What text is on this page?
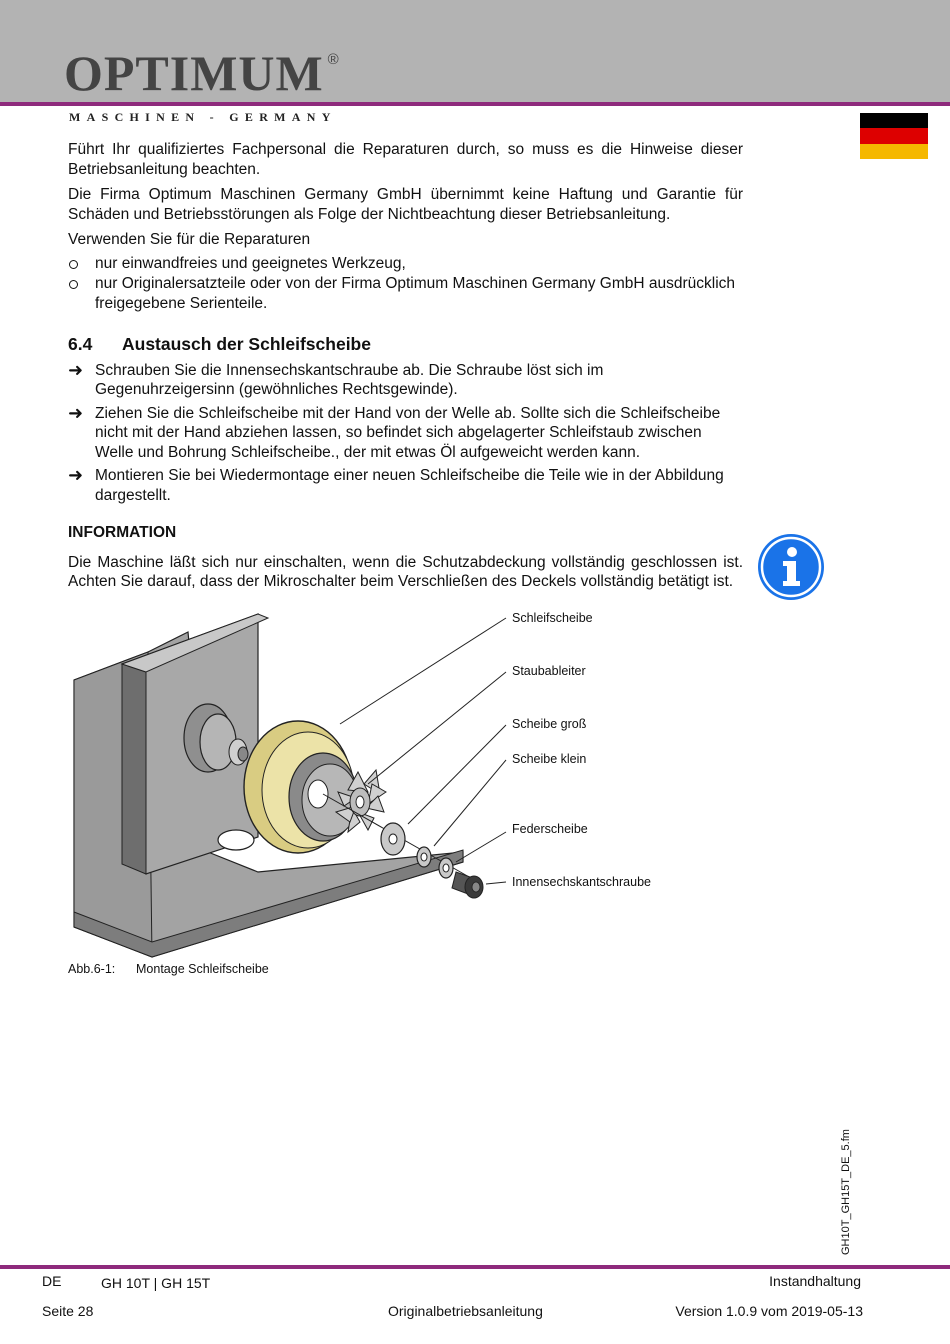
OPTIMUM ®
MASCHINEN - GERMANY

Führt Ihr qualifiziertes Fachpersonal die Reparaturen durch, so muss es die Hinweise dieser Betriebsanleitung beachten.

Die Firma Optimum Maschinen Germany GmbH übernimmt keine Haftung und Garantie für Schäden und Betriebsstörungen als Folge der Nichtbeachtung dieser Betriebsanleitung.

Verwenden Sie für die Reparaturen

nur einwandfreies und geeignetes Werkzeug,
nur Originalersatzteile oder von der Firma Optimum Maschinen Germany GmbH ausdrücklich freigegebene Serienteile.
6.4	Austausch der Schleifscheibe
➜ Schrauben Sie die Innensechskantschraube ab. Die Schraube löst sich im Gegenuhrzeigersinn (gewöhnliches Rechtsgewinde).
➜ Ziehen Sie die Schleifscheibe mit der Hand von der Welle ab. Sollte sich die Schleifscheibe nicht mit der Hand abziehen lassen, so befindet sich abgelagerter Schleifstaub zwischen Welle und Bohrung Schleifscheibe., der mit etwas Öl aufgeweicht werden kann.
➜ Montieren Sie bei Wiedermontage einer neuen Schleifscheibe die Teile wie in der Abbildung dargestellt.
INFORMATION

Die Maschine läßt sich nur einschalten, wenn die Schutzabdeckung vollständig geschlossen ist. Achten Sie darauf, dass der Mikroschalter beim Verschließen des Deckels vollständig betätigt ist.

Schleifscheibe
Staubableiter
Scheibe groß
Scheibe klein
Federscheibe
Innensechskantschraube
Abb.6-1:	Montage Schleifscheibe
GH10T_GH15T_DE_5.fm
DE	GH 10T | GH 15T	Instandhaltung
Seite 28	Originalbetriebsanleitung	Version 1.0.9 vom 2019-05-13
